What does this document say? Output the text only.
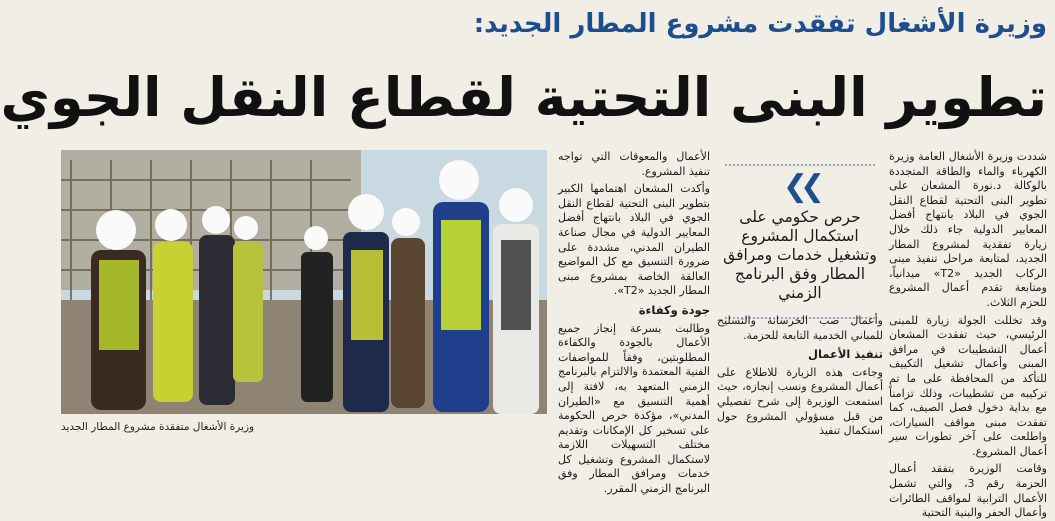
وزيرة الأشغال تفقدت مشروع المطار الجديد:
تطوير البنى التحتية لقطاع النقل الجوي

شددت وزيرة الأشغال العامة وزيرة الكهرباء والماء والطاقة المتجددة بالوكالة د.نورة المشعان على تطوير البنى التحتية لقطاع النقل الجوي في البلاد بانتهاج أفضل المعايير الدولية جاء ذلك خلال زيارة تفقدية لمشروع المطار الجديد، لمتابعة مراحل تنفيذ مبنى الركاب الجديد «T2» ميدانياً، ومتابعة تقدم أعمال المشروع للحزم الثلاث.

وقد تخللت الجولة زيارة للمبنى الرئيسي، حيث تفقدت المشعان أعمال التشطيبات في مرافق المبنى وأعمال تشغيل التكييف للتأكد من المحافظة على ما تم تركيبه من تشطيبات، وذلك تزامناً مع بداية دخول فصل الصيف، كما تفقدت مبنى مواقف السيارات، واطلعت على آخر تطورات سير أعمال المشروع.

وقامت الوزيرة بتفقد أعمال الحزمة رقم 3، والتي تشمل الأعمال الترابية لمواقف الطائرات وأعمال الحفر والبنية التحتية

❯❯
حرص حكومي على استكمال المشروع وتشغيل خدمات ومرافق المطار وفق البرنامج الزمني

وأعمال صب الخرسانة والتسليح للمباني الخدمية التابعة للحزمة.

تنفيذ الأعمال

وجاءت هذه الزيارة للاطلاع على أعمال المشروع ونسب إنجازه، حيث استمعت الوزيرة إلى شرح تفصيلي من قبل مسؤولي المشروع حول استكمال تنفيذ

الأعمال والمعوقات التي تواجه تنفيذ المشروع.

وأكدت المشعان اهتمامها الكبير بتطوير البنى التحتية لقطاع النقل الجوي في البلاد بانتهاج أفضل المعايير الدولية في مجال صناعة الطيران المدني، مشددة على ضرورة التنسيق مع كل المواضيع العالقة الخاصة بمشروع مبنى المطار الجديد «T2».

جودة وكفاءة

وطالبت بسرعة إنجاز جميع الأعمال بالجودة والكفاءة المطلوبتين، وفقاً للمواصفات الفنية المعتمدة والالتزام بالبرنامج الزمني المتعهد به، لافتة إلى أهمية التنسيق مع «الطيران المدني»، مؤكدة حرص الحكومة على تسخير كل الإمكانات وتقديم مختلف التسهيلات اللازمة لاستكمال المشروع وتشغيل كل خدمات ومرافق المطار وفق البرنامج الزمني المقرر.

وزيرة الأشغال متفقدة مشروع المطار الجديد
